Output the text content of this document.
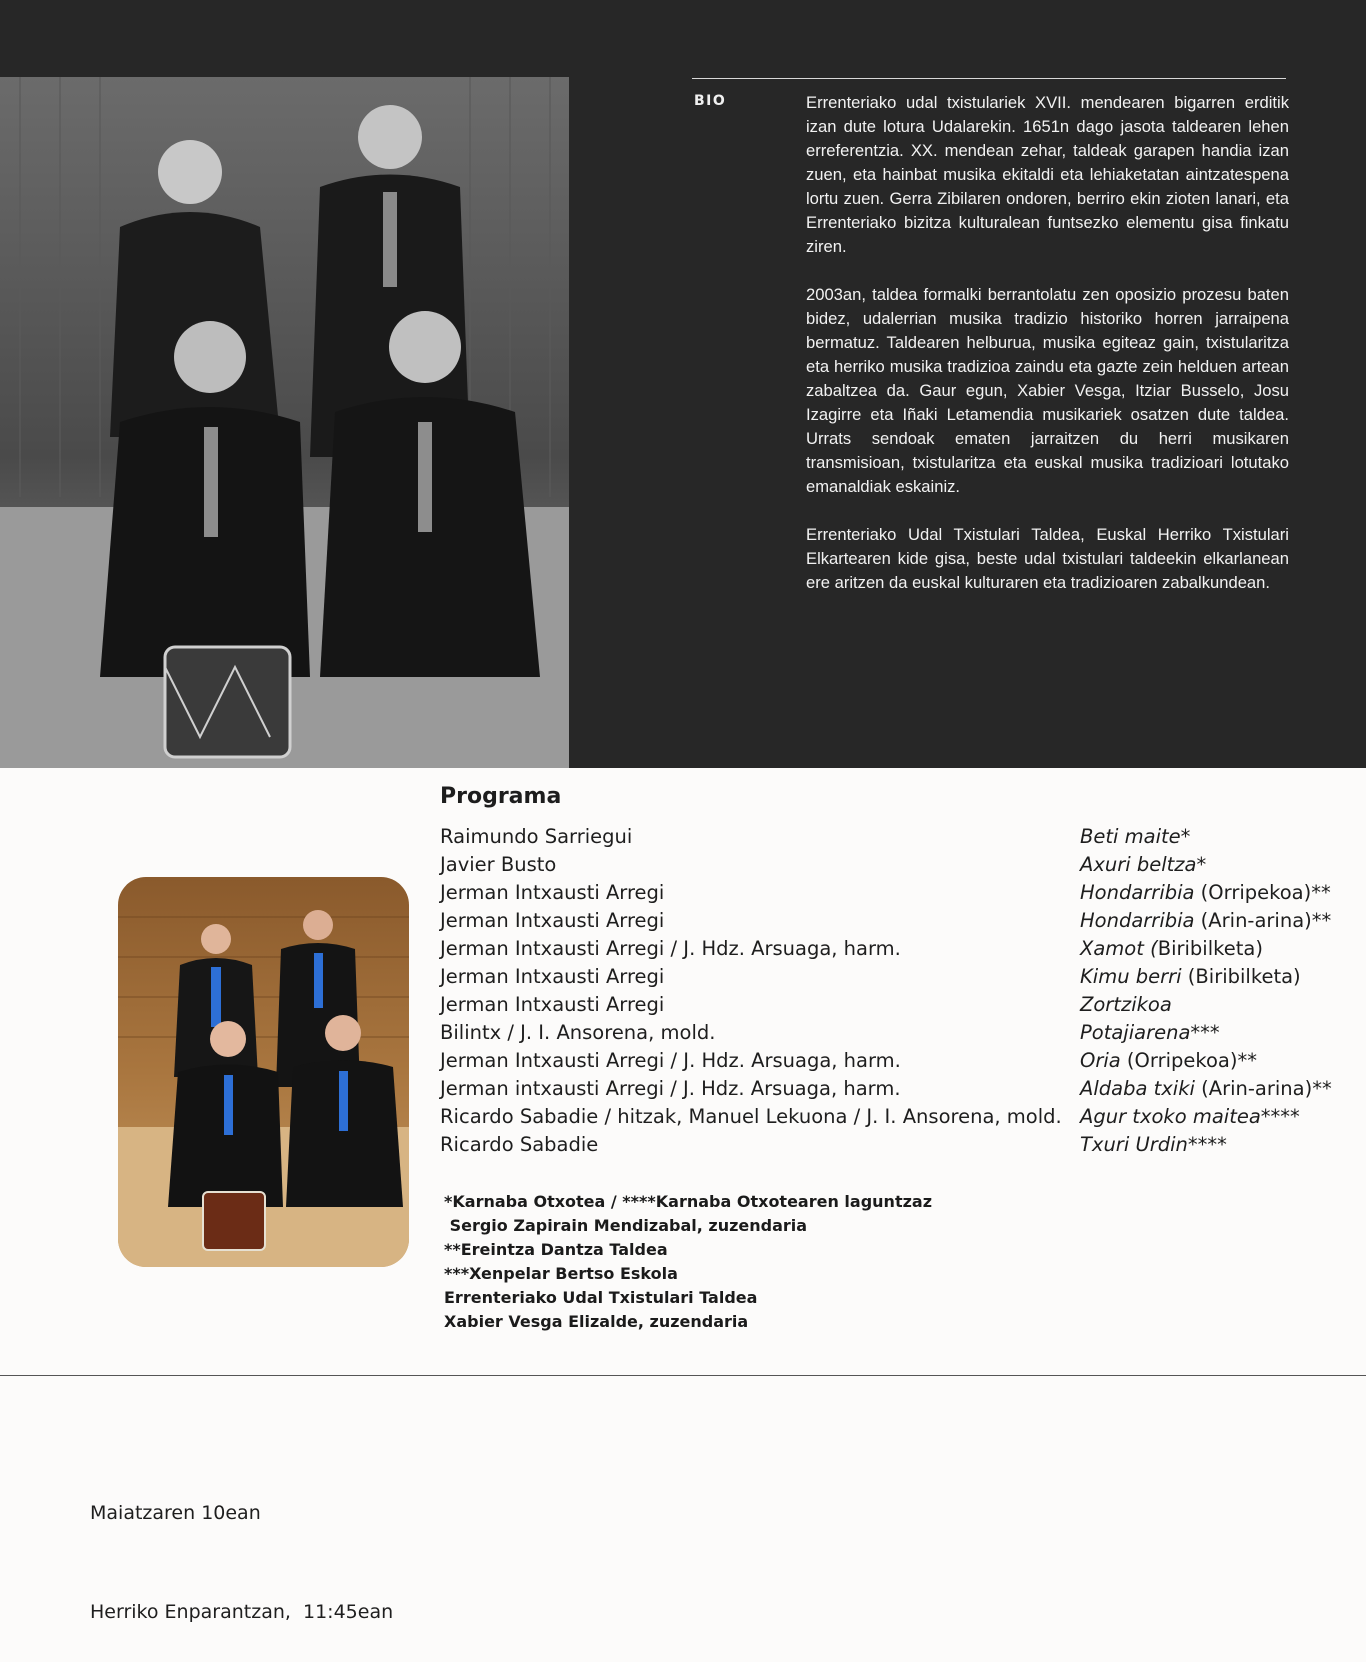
BIO	Errenteriako udal txistulariek XVII. mendearen bigarren erditik izan dute lotura Udalarekin. 1651n dago jasota taldearen lehen erreferentzia. XX. mendean zehar, taldeak garapen handia izan zuen, eta hainbat musika ekitaldi eta lehiaketatan aintzatespena lortu zuen. Gerra Zibilaren ondoren, berriro ekin zioten lanari, eta Errenteriako bizitza kulturalean funtsezko elementu gisa finkatu ziren.

2003an, taldea formalki berrantolatu zen oposizio prozesu baten bidez, udalerrian musika tradizio historiko horren jarraipena bermatuz. Taldearen helburua, musika egiteaz gain, txistularitza eta herriko musika tradizioa zaindu eta gazte zein helduen artean zabaltzea da. Gaur egun, Xabier Vesga, Itziar Busselo, Josu Izagirre eta Iñaki Letamendia musikariek osatzen dute taldea. Urrats sendoak ematen jarraitzen du herri musikaren transmisioan, txistularitza eta euskal musika tradizioari lotutako emanaldiak eskainiz.

Errenteriako Udal Txistulari Taldea, Euskal Herriko Txistulari Elkartearen kide gisa, beste udal txistulari taldeekin elkarlanean ere aritzen da euskal kulturaren eta tradizioaren zabalkundean.

Programa
Raimundo Sarriegui	Beti maite*
Javier Busto	Axuri beltza*
Jerman Intxausti Arregi	Hondarribia (Orripekoa)**
Jerman Intxausti Arregi	Hondarribia (Arin-arina)**
Jerman Intxausti Arregi / J. Hdz. Arsuaga, harm.	Xamot (Biribilketa)
Jerman Intxausti Arregi	Kimu berri (Biribilketa)
Jerman Intxausti Arregi	Zortzikoa
Bilintx / J. I. Ansorena, mold.	Potajiarena***
Jerman Intxausti Arregi / J. Hdz. Arsuaga, harm.	Oria (Orripekoa)**
Jerman intxausti Arregi / J. Hdz. Arsuaga, harm.	Aldaba txiki (Arin-arina)**
Ricardo Sabadie / hitzak, Manuel Lekuona / J. I. Ansorena, mold. Agur txoko maitea****
Ricardo Sabadie	Txuri Urdin****
*Karnaba Otxotea / ****Karnaba Otxotearen laguntzaz
Sergio Zapirain Mendizabal, zuzendaria
**Ereintza Dantza Taldea
***Xenpelar Bertso Eskola
Errenteriako Udal Txistulari Taldea
Xabier Vesga Elizalde, zuzendaria

Maiatzaren 10ean

Herriko Enparantzan,  11:45ean
